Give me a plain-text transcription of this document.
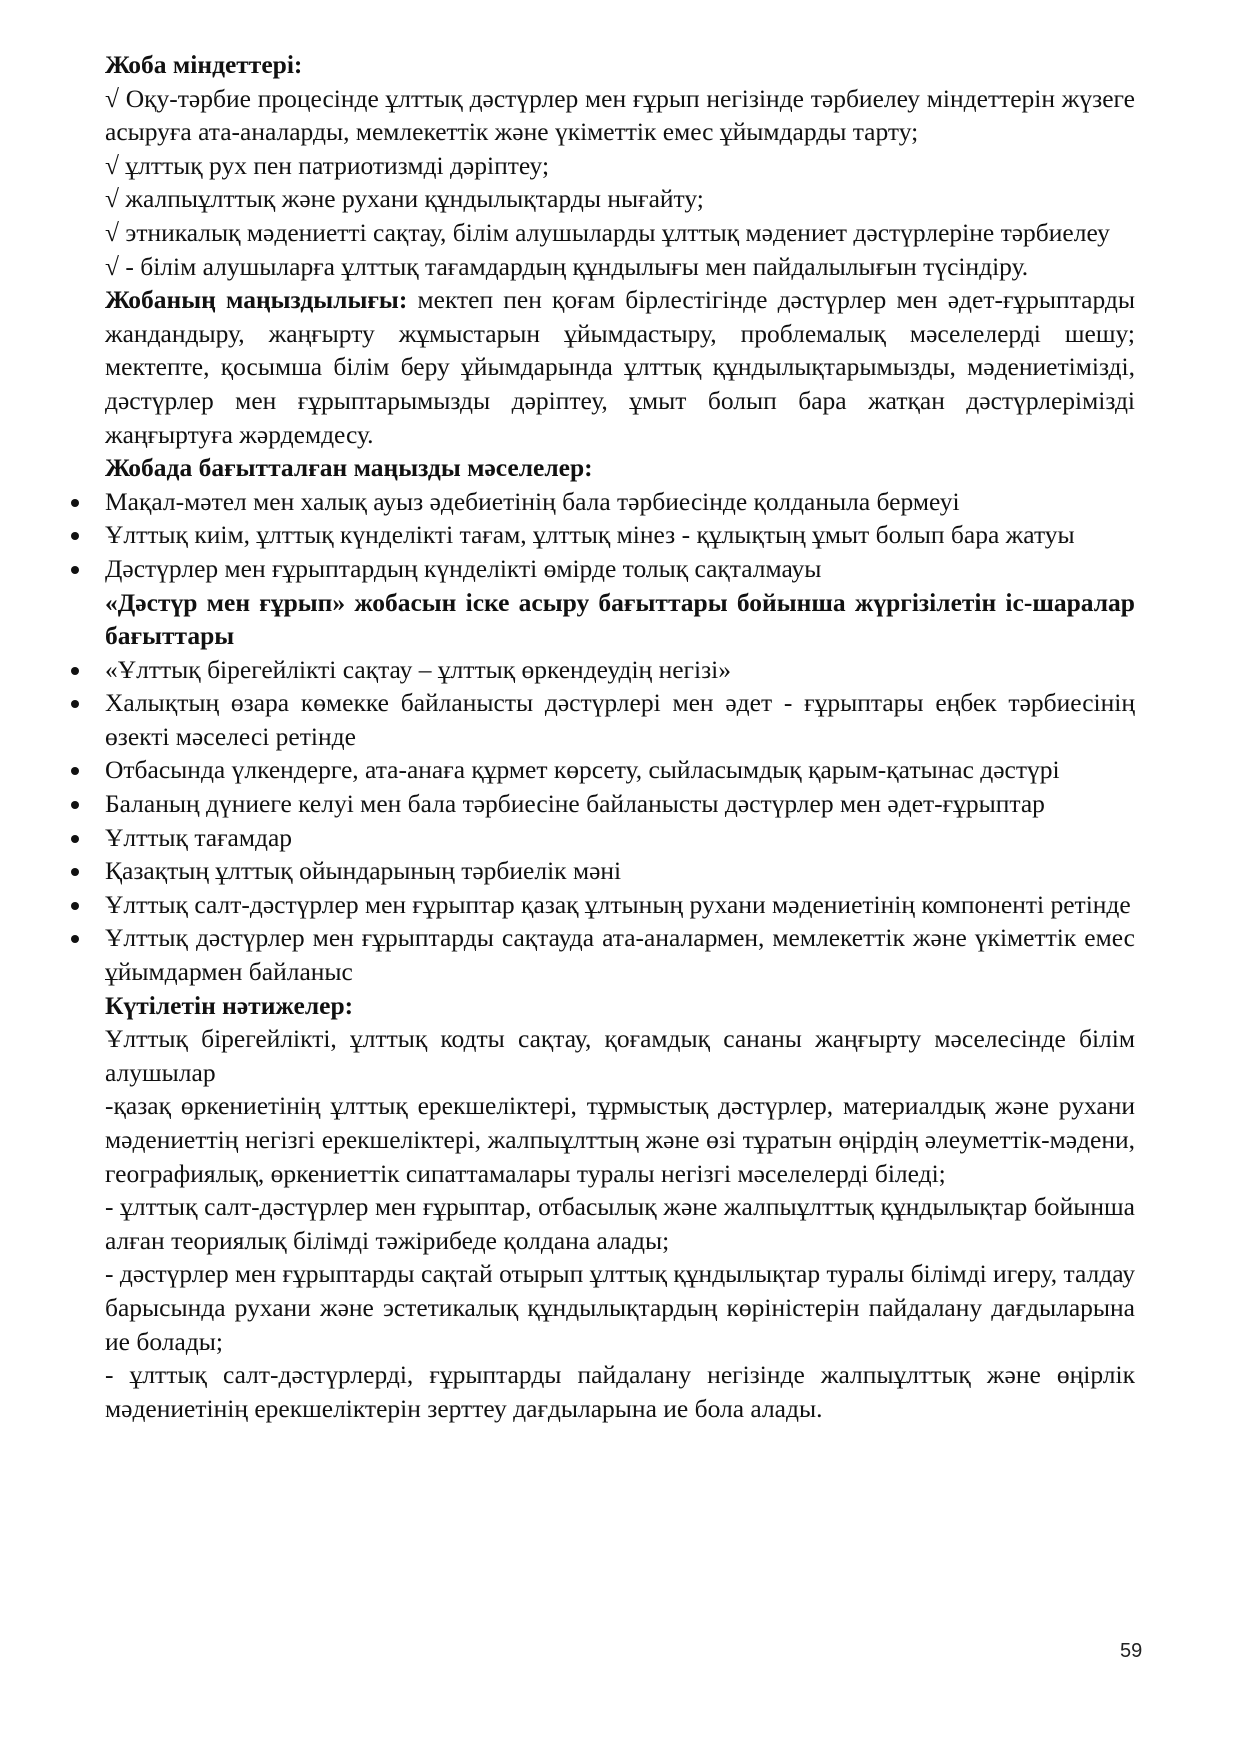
Жоба міндеттері:

√ Оқу-тәрбие процесінде ұлттық дәстүрлер мен ғұрып негізінде тәрбиелеу міндеттерін жүзеге асыруға ата-аналарды, мемлекеттік және үкіметтік емес ұйымдарды тарту;

√ ұлттық рух пен патриотизмді дәріптеу;

√ жалпыұлттық және рухани құндылықтарды нығайту;

√ этникалық мәдениетті сақтау, білім алушыларды ұлттық мәдениет дәстүрлеріне тәрбиелеу

√ - білім алушыларға ұлттық тағамдардың құндылығы мен пайдалылығын түсіндіру.

Жобаның маңыздылығы: мектеп пен қоғам бірлестігінде дәстүрлер мен әдет-ғұрыптарды жандандыру, жаңғырту жұмыстарын ұйымдастыру, проблемалық мәселелерді шешу; мектепте, қосымша білім беру ұйымдарында ұлттық құндылықтарымызды, мәдениетімізді, дәстүрлер мен ғұрыптарымызды дәріптеу, ұмыт болып бара жатқан дәстүрлерімізді жаңғыртуға жәрдемдесу.

Жобада бағытталған маңызды мәселелер:

Мақал-мәтел мен халық ауыз әдебиетінің бала тәрбиесінде қолданыла бермеуі
Ұлттық киім, ұлттық күнделікті тағам, ұлттық мінез - құлықтың ұмыт болып бара жатуы
Дәстүрлер мен ғұрыптардың күнделікті өмірде толық сақталмауы

«Дәстүр мен ғұрып» жобасын іске асыру бағыттары бойынша жүргізілетін іс-шаралар бағыттары

«Ұлттық бірегейлікті сақтау – ұлттық өркендеудің негізі»
Халықтың өзара көмекке байланысты дәстүрлері мен әдет - ғұрыптары еңбек тәрбиесінің өзекті мәселесі ретінде
Отбасында үлкендерге, ата-анаға құрмет көрсету, сыйласымдық қарым-қатынас дәстүрі
Баланың дүниеге келуі мен бала тәрбиесіне байланысты дәстүрлер мен әдет-ғұрыптар
Ұлттық тағамдар
Қазақтың ұлттық ойындарының тәрбиелік мәні
Ұлттық салт-дәстүрлер мен ғұрыптар қазақ ұлтының рухани мәдениетінің компоненті ретінде
Ұлттық дәстүрлер мен ғұрыптарды сақтауда ата-аналармен, мемлекеттік және үкіметтік емес ұйымдармен байланыс

Күтілетін нәтижелер:

Ұлттық бірегейлікті, ұлттық кодты сақтау, қоғамдық сананы жаңғырту мәселесінде білім алушылар

-қазақ өркениетінің ұлттық ерекшеліктері, тұрмыстық дәстүрлер, материалдық және рухани мәдениеттің негізгі ерекшеліктері, жалпыұлттың және өзі тұратын өңірдің әлеуметтік-мәдени, географиялық, өркениеттік сипаттамалары туралы негізгі мәселелерді біледі;

- ұлттық салт-дәстүрлер мен ғұрыптар, отбасылық және жалпыұлттық құндылықтар бойынша алған теориялық білімді тәжірибеде қолдана алады;

- дәстүрлер мен ғұрыптарды сақтай отырып ұлттық құндылықтар туралы білімді игеру, талдау барысында рухани және эстетикалық құндылықтардың көріністерін пайдалану дағдыларына ие болады;

- ұлттық салт-дәстүрлерді, ғұрыптарды пайдалану негізінде жалпыұлттық және өңірлік мәдениетінің ерекшеліктерін зерттеу дағдыларына ие бола алады.

59
